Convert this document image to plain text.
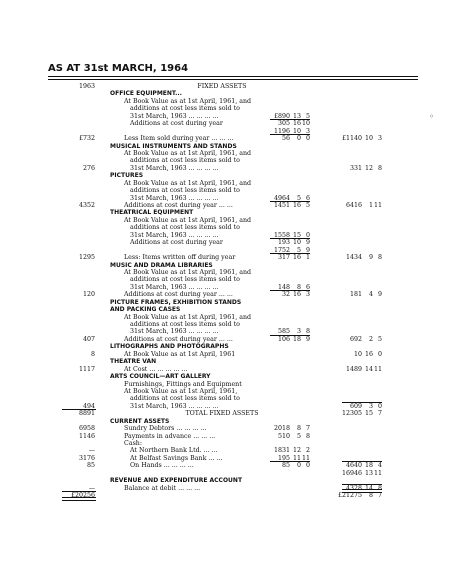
AS AT 31st MARCH, 1964
1963	FIXED ASSETS
OFFICE EQUIPMENT...
At Book Value as at 1st April, 1961, and
additions at cost less items sold to
31st March, 1963 ... ... ... ...	£890 13 5	◦
Additions at cost during year	305 16 10
1196 10 3
£732	Less Item sold during year ... ... ...	56 0 0	£1140 10 3
MUSICAL INSTRUMENTS AND STANDS
At Book Value as at 1st April, 1961, and
additions at cost less items sold to
276	31st March, 1963 ... ... ... ...	331 12 8
PICTURES
At Book Value as at 1st April, 1961, and
additions at cost less items sold to
31st March, 1963 ... ... ... ...	4964 5 6
4352	Additions at cost during year ... ...	1451 16 5	6416 1 11
THEATRICAL EQUIPMENT
At Book Value as at 1st April, 1961, and
additions at cost less items sold to
31st March, 1963 ... ... ... ...	1558 15 0
Additions at cost during year	193 10 9
1752 5 9
1295	Less: Items written off during year	317 16 1	1434 9 8
MUSIC AND DRAMA LIBRARIES
At Book Value as at 1st April, 1961, and
additions at cost less items sold to
31st March, 1963 ... ... ... ...	148 8 6
120	Additions at cost during year ... ...	32 16 3	181 4 9
PICTURE FRAMES, EXHIBITION STANDS
AND PACKING CASES
At Book Value as at 1st April, 1961, and
additions at cost less items sold to
31st March, 1963 ... ... ... ...	585 3 8
407	Additions at cost during year ... ...	106 18 9	692 2 5
LITHOGRAPHS AND PHOTOGRAPHS
8	At Book Value as at 1st April, 1961	10 16 0
THEATRE VAN
1117	At Cost ... ... ... ... ...	1489 14 11
ARTS COUNCIL—ART GALLERY
Furnishings, Fittings and Equipment
At Book Value as at 1st April, 1961,
additions at cost less items sold to
494	31st March, 1963 ... ... ... ...	609 3 0
8891	TOTAL FIXED ASSETS	12305 15 7
CURRENT ASSETS
6958	Sundry Debtors ... ... ... ...	2018 8 7
1146	Payments in advance ... ... ...	510 5 8
Cash:
—	At Northern Bank Ltd. ... ...	1831 12 2
3176	At Belfast Savings Bank ... ...	195 11 11
85	On Hands ... ... ... ...	85 0 0	4640 18 4
16946 13 11
REVENUE AND EXPENDITURE ACCOUNT
—	Balance at debit ... ... ...	4328 14 8
£20256	£21275 8 7
